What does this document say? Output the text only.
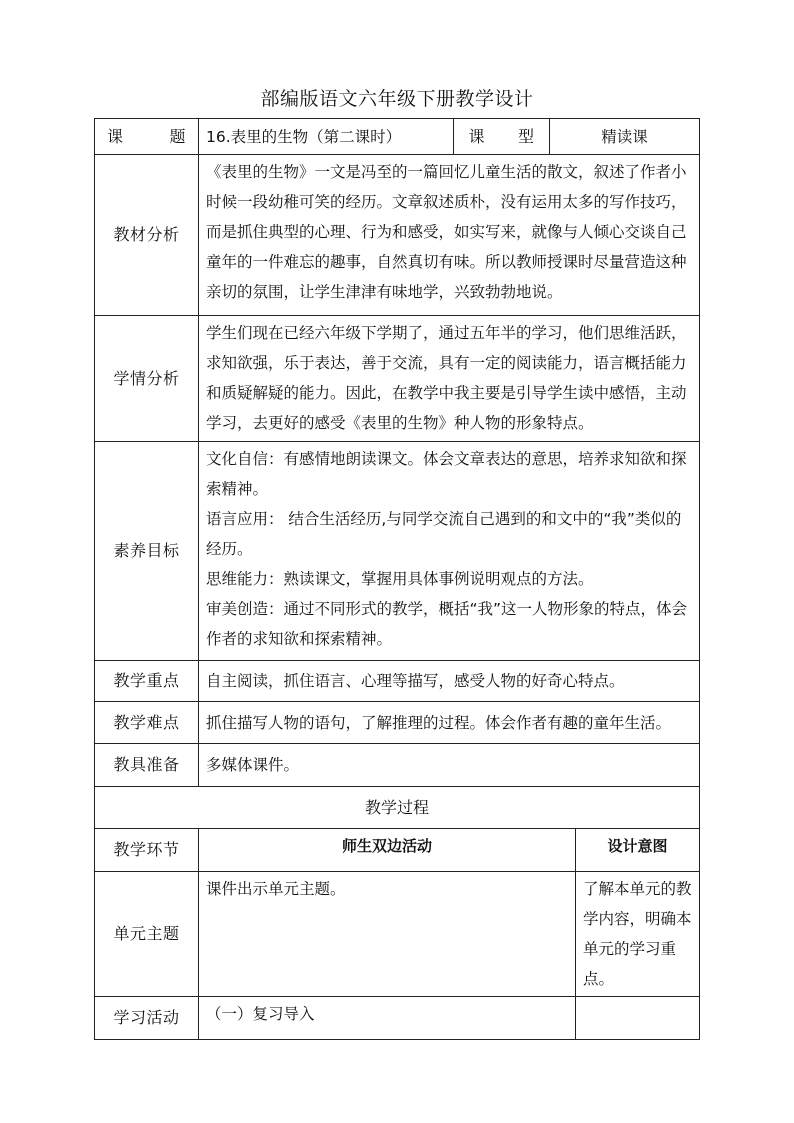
部编版语文六年级下册教学设计
课　　题	16.表里的生物（第二课时）	课　　型	精读课	
教材分析	《表里的生物》一文是冯至的一篇回忆儿童生活的散文，叙述了作者小时候一段幼稚可笑的经历。文章叙述质朴，没有运用太多的写作技巧，而是抓住典型的心理、行为和感受，如实写来，就像与人倾心交谈自己童年的一件难忘的趣事，自然真切有味。所以教师授课时尽量营造这种亲切的氛围，让学生津津有味地学，兴致勃勃地说。			
学情分析	学生们现在已经六年级下学期了，通过五年半的学习，他们思维活跃，求知欲强，乐于表达，善于交流，具有一定的阅读能力，语言概括能力和质疑解疑的能力。因此，在教学中我主要是引导学生读中感悟，主动学习，去更好的感受《表里的生物》种人物的形象特点。			
素养目标	文化自信：有感情地朗读课文。体会文章表达的意思，培养求知欲和探索精神。
语言应用： 结合生活经历,与同学交流自己遇到的和文中的“我”类似的经历。
思维能力：熟读课文，掌握用具体事例说明观点的方法。
审美创造：通过不同形式的教学，概括“我”这一人物形象的特点，体会作者的求知欲和探索精神。			

教学重点	自主阅读，抓住语言、心理等描写，感受人物的好奇心特点。			
教学难点	抓住描写人物的语句，了解推理的过程。体会作者有趣的童年生活。			
教具准备	多媒体课件。			
教学过程				
教学环节	师生双边活动			设计意图
单元主题	课件出示单元主题。			了解本单元的教学内容，明确本单元的学习重点。
学习活动	（一）复习导入			
